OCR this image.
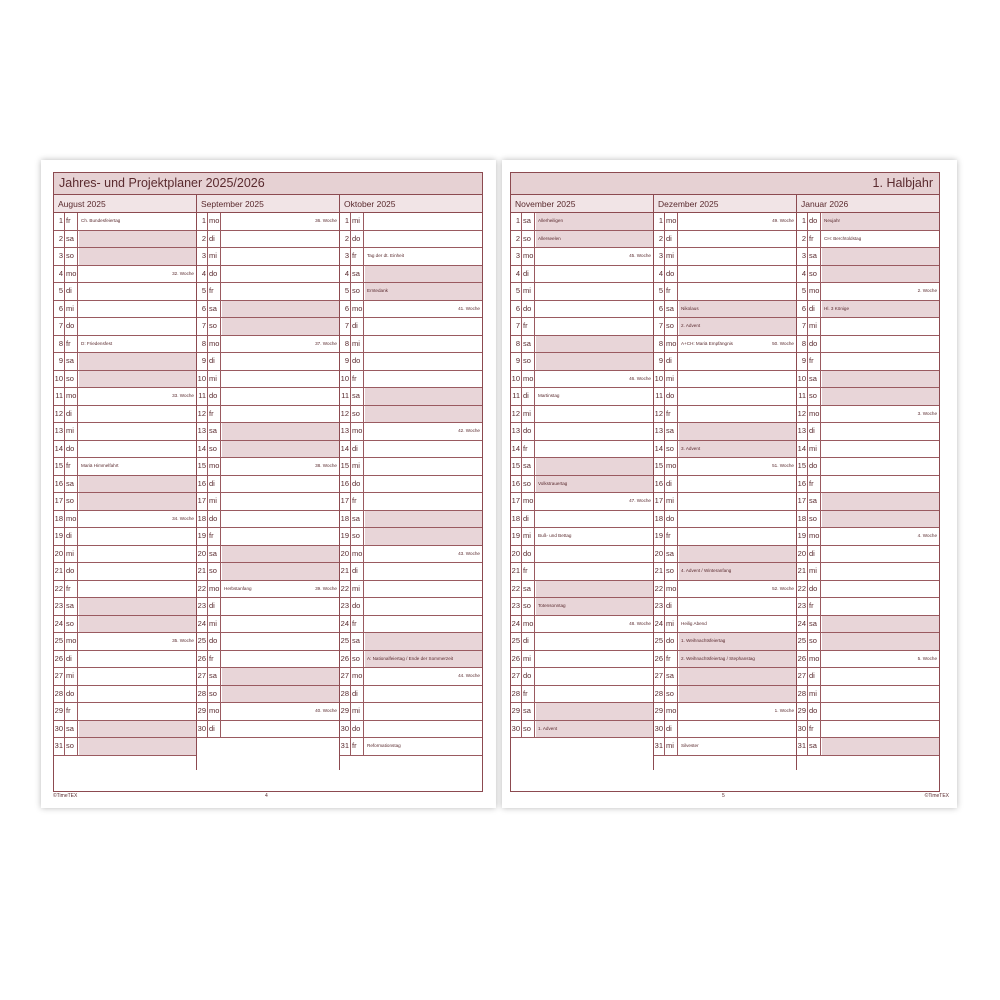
Jahres- und Projektplaner 2025/2026
August 2025
1 fr	Ch. Bundesfeiertag
2 sa
3 so
4 mo	32. Woche
5 di
6 mi
7 do
8 fr	D: Friedensfest
9 sa
10 so
11 mo	33. Woche
12 di
13 mi
14 do
15 fr	Mariä Himmelfahrt
16 sa
17 so
18 mo	34. Woche
19 di
20 mi
21 do
22 fr
23 sa
24 so
25 mo	35. Woche
26 di
27 mi
28 do
29 fr
30 sa
31 so
September 2025
1 mo	36. Woche
2 di
3 mi
4 do
5 fr
6 sa
7 so
8 mo	37. Woche
9 di
10 mi
11 do
12 fr
13 sa
14 so
15 mo	38. Woche
16 di
17 mi
18 do
19 fr
20 sa
21 so
22 mo Herbstanfang	39. Woche
23 di
24 mi
25 do
26 fr
27 sa
28 so
29 mo	40. Woche
30 di
Oktober 2025
1 mi
2 do
3 fr	Tag der dt. Einheit
4 sa
5 so	Erntedank
6 mo	41. Woche
7 di
8 mi
9 do
10 fr
11 sa
12 so
13 mo	42. Woche
14 di
15 mi
16 do
17 fr
18 sa
19 so
20 mo	43. Woche
21 di
22 mi
23 do
24 fr
25 sa
26 so	A: Nationalfeiertag / Ende der Sommerzeit
27 mo	44. Woche
28 di
29 mi
30 do
31 fr	Reformationstag
©TimeTEX	4
1. Halbjahr
November 2025
1 sa	Allerheiligen
2 so	Allerseelen
3 mo	45. Woche
4 di
5 mi
6 do
7 fr
8 sa
9 so
10 mo	46. Woche
11 di	Martinstag
12 mi
13 do
14 fr
15 sa
16 so	Volkstrauertag
17 mo	47. Woche
18 di
19 mi	Buß- und Bettag
20 do
21 fr
22 sa
23 so	Totensonntag
24 mo	48. Woche
25 di
26 mi
27 do
28 fr
29 sa
30 so	1. Advent
Dezember 2025
1 mo	49. Woche
2 di
3 mi
4 do
5 fr
6 sa	Nikolaus
7 so	2. Advent
8 mo A+CH: Mariä Empfängnis	50. Woche
9 di
10 mi
11 do
12 fr
13 sa
14 so	3. Advent
15 mo	51. Woche
16 di
17 mi
18 do
19 fr
20 sa
21 so	4. Advent / Winteranfang
22 mo	52. Woche
23 di
24 mi	Heilig Abend
25 do	1. Weihnachtsfeiertag
26 fr	2. Weihnachtsfeiertag / Stephanstag
27 sa
28 so
29 mo	1. Woche
30 di
31 mi	Silvester
Januar 2026
1 do	Neujahr
2 fr	CH: Berchtoldstag
3 sa
4 so
5 mo	2. Woche
6 di	Hl. 3 Könige
7 mi
8 do
9 fr
10 sa
11 so
12 mo	3. Woche
13 di
14 mi
15 do
16 fr
17 sa
18 so
19 mo	4. Woche
20 di
21 mi
22 do
23 fr
24 sa
25 so
26 mo	5. Woche
27 di
28 mi
29 do
30 fr
31 sa
5	©TimeTEX
